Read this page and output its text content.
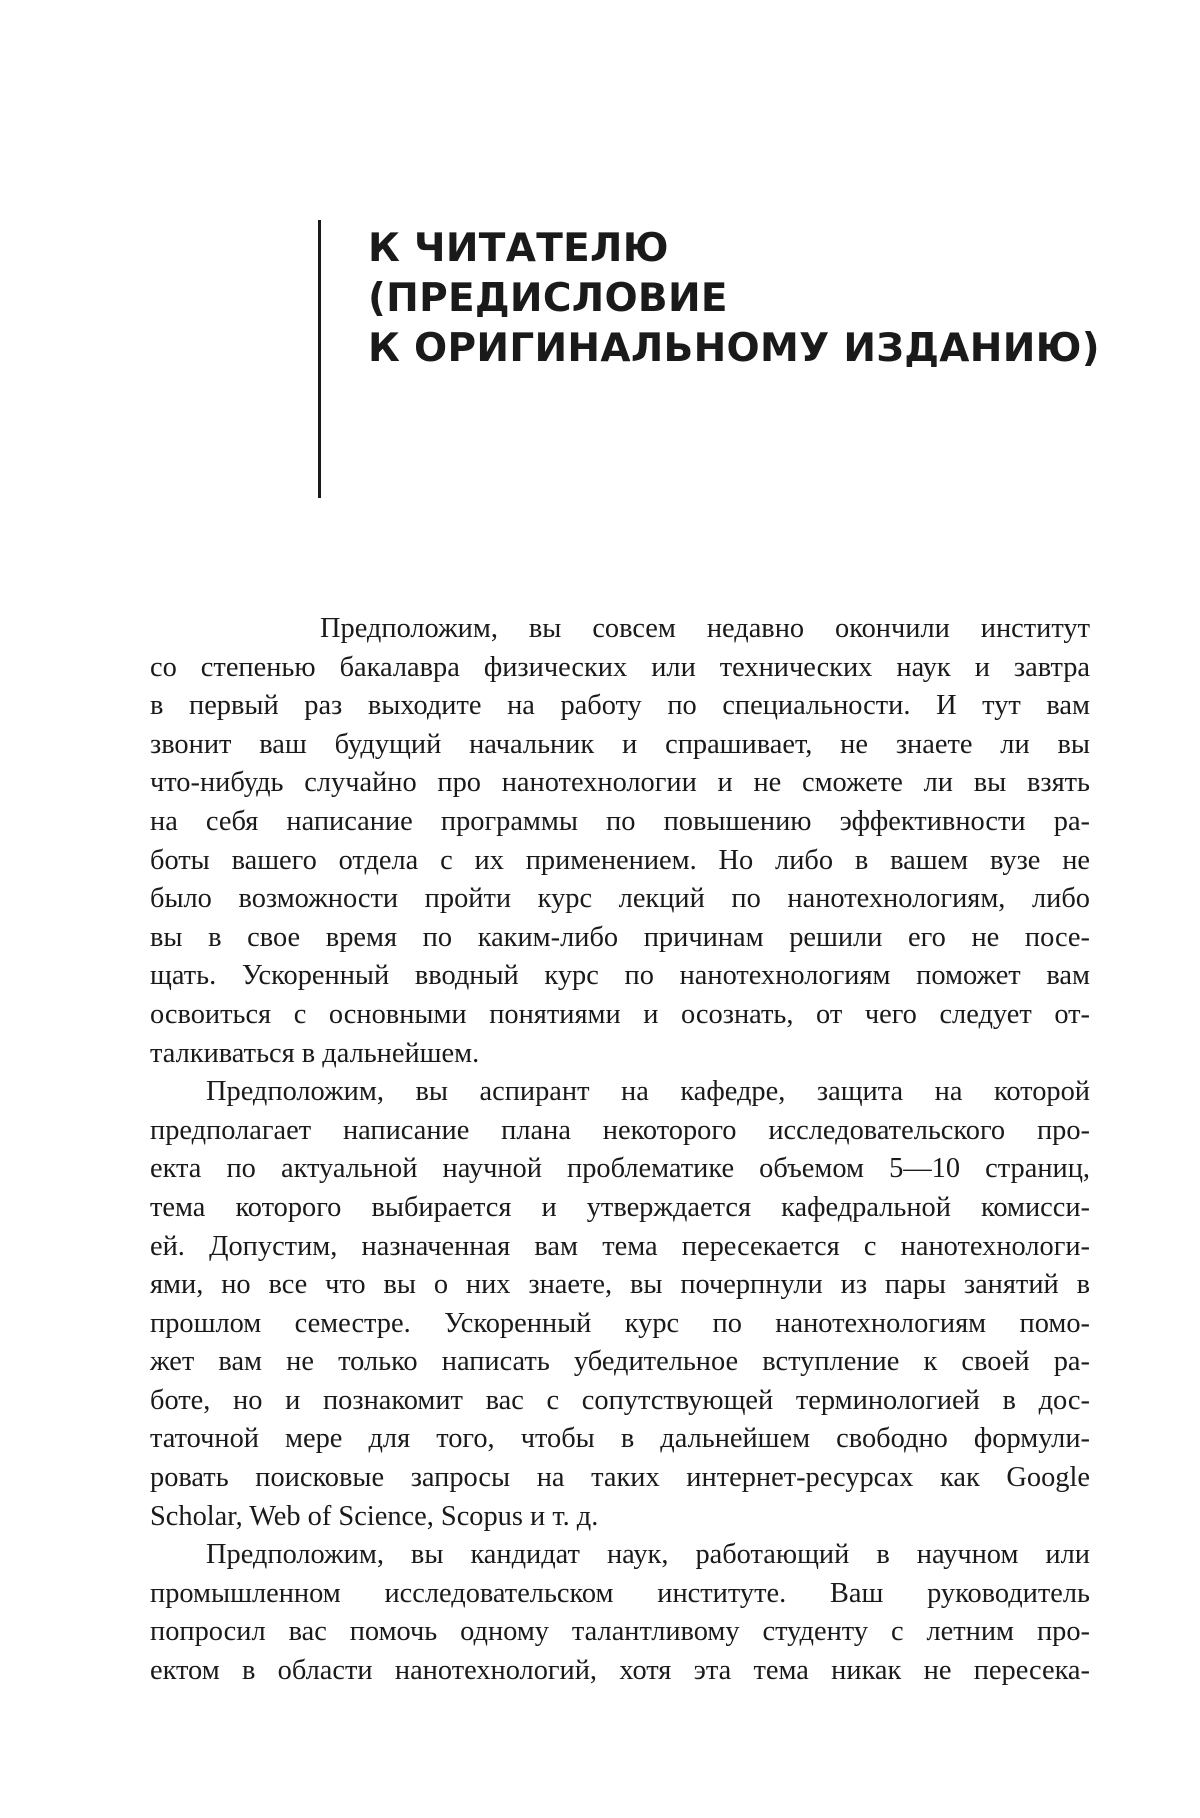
К ЧИТАТЕЛЮ
(ПРЕДИСЛОВИЕ
К ОРИГИНАЛЬНОМУ ИЗДАНИЮ)
Предположим, вы совсем недавно окончили институт
со степенью бакалавра физических или технических наук и завтра
в первый раз выходите на работу по специальности. И тут вам
звонит ваш будущий начальник и спрашивает, не знаете ли вы
что-нибудь случайно про нанотехнологии и не сможете ли вы взять
на себя написание программы по повышению эффективности ра-
боты вашего отдела с их применением. Но либо в вашем вузе не
было возможности пройти курс лекций по нанотехнологиям, либо
вы в свое время по каким-либо причинам решили его не посе-
щать. Ускоренный вводный курс по нанотехнологиям поможет вам
освоиться с основными понятиями и осознать, от чего следует от-
талкиваться в дальнейшем.
Предположим, вы аспирант на кафедре, защита на которой
предполагает написание плана некоторого исследовательского про-
екта по актуальной научной проблематике объемом 5—10 страниц,
тема которого выбирается и утверждается кафедральной комисси-
ей. Допустим, назначенная вам тема пересекается с нанотехнологи-
ями, но все что вы о них знаете, вы почерпнули из пары занятий в
прошлом семестре. Ускоренный курс по нанотехнологиям помо-
жет вам не только написать убедительное вступление к своей ра-
боте, но и познакомит вас с сопутствующей терминологией в дос-
таточной мере для того, чтобы в дальнейшем свободно формули-
ровать поисковые запросы на таких интернет-ресурсах как Google
Scholar, Web of Science, Scopus и т. д.
Предположим, вы кандидат наук, работающий в научном или
промышленном исследовательском институте. Ваш руководитель
попросил вас помочь одному талантливому студенту с летним про-
ектом в области нанотехнологий, хотя эта тема никак не пересека-
